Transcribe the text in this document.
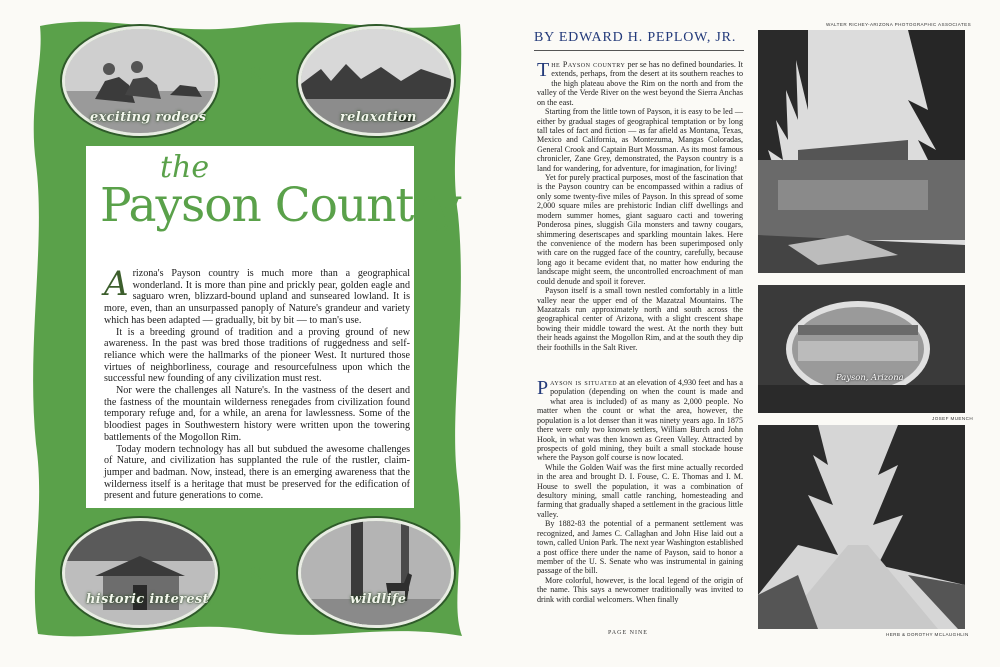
exciting rodeos	relaxation
&
the
Payson Country

Arizona's Payson country is much more than a geographical wonderland. It is more than pine and prickly pear, golden eagle and saguaro wren, blizzard-bound upland and sunseared lowland. It is more, even, than an unsurpassed panoply of Nature's grandeur and variety which has been adapted — gradually, bit by bit — to man's use.

It is a breeding ground of tradition and a proving ground of new awareness. In the past was bred those traditions of ruggedness and self-reliance which were the hallmarks of the pioneer West. It nurtured those virtues of neighborliness, courage and resourcefulness upon which the successful new founding of any civilization must rest.

Nor were the challenges all Nature's. In the vastness of the desert and the fastness of the mountain wilderness renegades from civilization found temporary refuge and, for a while, an arena for lawlessness. Some of the bloodiest pages in Southwestern history were written upon the towering battlements of the Mogollon Rim.

Today modern technology has all but subdued the awesome challenges of Nature, and civilization has supplanted the rule of the rustler, claim-jumper and badman. Now, instead, there is an emerging awareness that the wilderness itself is a heritage that must be preserved for the edification of present and future generations to come.

historic interest	wildlife
&
BY EDWARD H. PEPLOW, JR.

The Payson country per se has no defined boundaries. It extends, perhaps, from the desert at its southern reaches to the high plateau above the Rim on the north and from the valley of the Verde River on the west beyond the Sierra Anchas on the east.

Starting from the little town of Payson, it is easy to be led — either by gradual stages of geographical temptation or by long tall tales of fact and fiction — as far afield as Montana, Texas, Mexico and California, as Montezuma, Mangas Coloradas, General Crook and Captain Burt Mossman. As its most famous chronicler, Zane Grey, demonstrated, the Payson country is a land for wandering, for adventure, for imagination, for living!

Yet for purely practical purposes, most of the fascination that is the Payson country can be encompassed within a radius of only some twenty-five miles of Payson. In this spread of some 2,000 square miles are prehistoric Indian cliff dwellings and modern summer homes, giant saguaro cacti and towering Ponderosa pines, sluggish Gila monsters and tawny cougars, shimmering desertscapes and sparkling mountain lakes. Here the convenience of the modern has been superimposed only with care on the rugged face of the country, carefully, because long ago it became evident that, no matter how enduring the landscape might seem, the uncontrolled encroachment of man could denude and spoil it forever.

Payson itself is a small town nestled comfortably in a little valley near the upper end of the Mazatzal Mountains. The Mazatzals run approximately north and south across the geographical center of Arizona, with a slight crescent shape bowing their middle toward the west. At the north they butt their heads against the Mogollon Rim, and at the south they dip their foothills in the Salt River.

Payson is situated at an elevation of 4,930 feet and has a population (depending on when the count is made and what area is included) of as many as 2,000 people. No matter when the count or what the area, however, the population is a lot denser than it was ninety years ago. In 1875 there were only two known settlers, William Burch and John Hook, in what was then known as Green Valley. Attracted by prospects of gold mining, they built a small stockade house where the Payson golf course is now located.

While the Golden Waif was the first mine actually recorded in the area and brought D. I. Fouse, C. E. Thomas and I. M. House to swell the population, it was a combination of desultory mining, small cattle ranching, homesteading and farming that gradually shaped a settlement in the gracious little valley.

By 1882-83 the potential of a permanent settlement was recognized, and James C. Callaghan and John Hise laid out a town, called Union Park. The next year Washington established a post office there under the name of Payson, said to honor a member of the U. S. Senate who was instrumental in gaining passage of the bill.

More colorful, however, is the local legend of the origin of the name. This says a newcomer traditionally was invited to drink with cordial welcomers. When finally

PAGE NINE
WALTER RICHEY-ARIZONA PHOTOGRAPHIC ASSOCIATES
Payson, Arizona
JOSEF MUENCH
HERB & DOROTHY MCLAUGHLIN
